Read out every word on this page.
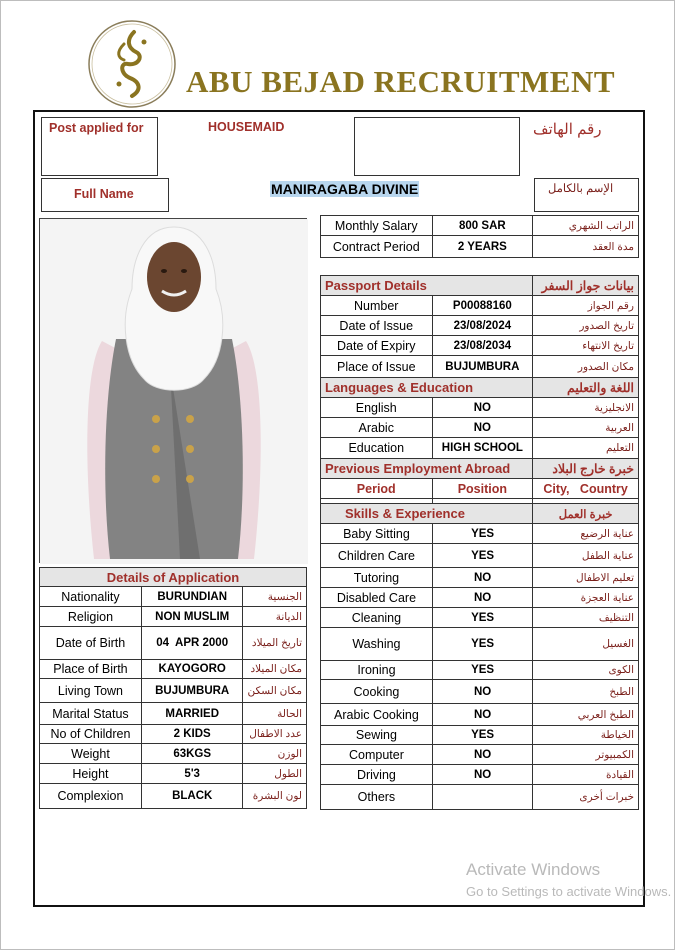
ABU BEJAD RECRUITMENT
Post applied for	HOUSEMAID	رقم الهاتف
Full Name	MANIRAGABA DIVINE	الإسم بالكامل
Monthly Salary	800 SAR	الراتب الشهري
Contract Period	2 YEARS	مدة العقد

Passport Details		بيانات جواز السفر
Number	P00088160	رقم الجواز
Date of Issue	23/08/2024	تاريخ الصدور
Date of Expiry	23/08/2034	تاريخ الانتهاء
Place of Issue	BUJUMBURA	مكان الصدور
Languages & Education		اللغة والتعليم
English	NO	الانجليزية
Arabic	NO	العربية
Education	HIGH SCHOOL	التعليم
Previous Employment Abroad		خبرة خارج البلاد
Period	Position	City,   Country

Skills & Experience		خبرة العمل
Baby Sitting	YES	عناية الرضيع
Children Care	YES	عناية الطفل
Tutoring	NO	تعليم الاطفال
Disabled Care	NO	عناية العجزة
Cleaning	YES	التنظيف
Washing	YES	الغسيل
Ironing	YES	الكوى
Cooking	NO	الطبخ
Arabic Cooking	NO	الطبخ العربي
Sewing	YES	الخياطة
Computer	NO	الكمبيوتر
Driving	NO	القيادة
Others		خبرات أخرى
Details of Application		
Nationality	BURUNDIAN	الجنسية
Religion	NON MUSLIM	الديانة
Date of Birth	04  APR 2000	تاريخ الميلاد
Place of Birth	KAYOGORO	مكان الميلاد
Living Town	BUJUMBURA	مكان السكن
Marital Status	MARRIED	الحالة
No of Children	2 KIDS	عدد الاطفال
Weight	63KGS	الوزن
Height	5'3	الطول
Complexion	BLACK	لون البشرة
Activate Windows
Go to Settings to activate Windows.
